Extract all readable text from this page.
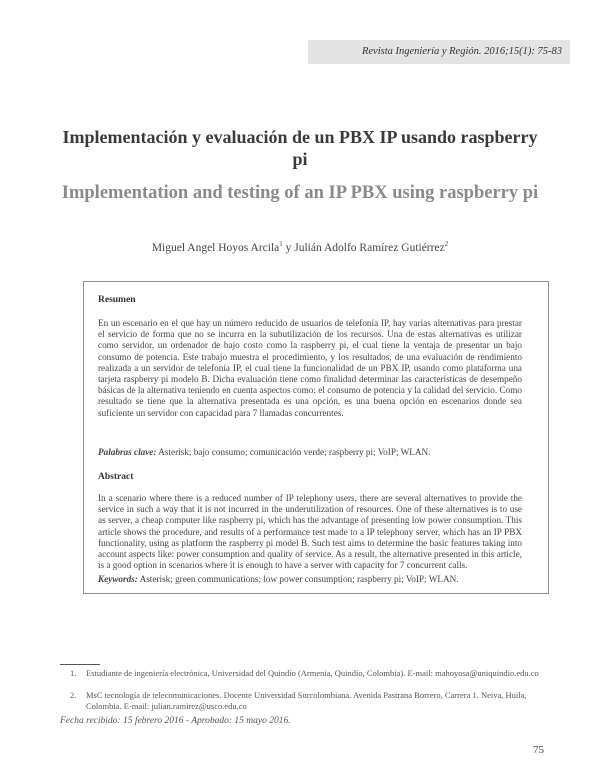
Revista Ingeniería y Región. 2016;15(1): 75-83
Implementación y evaluación de un PBX IP usando raspberry pi
Implementation and testing of an IP PBX using raspberry pi
Miguel Angel Hoyos Arcila$^1$ y Julián Adolfo Ramírez Gutiérrez$^2$
Resumen
En un escenario en el que hay un número reducido de usuarios de telefonía IP, hay varias alternativas para prestar el servicio de forma que no se incurra en la subutilización de los recursos. Una de estas alternativas es utilizar como servidor, un ordenador de bajo costo como la raspberry pi, el cual tiene la ventaja de presentar un bajo consumo de potencia. Este trabajo muestra el procedimiento, y los resultados, de una evaluación de rendimiento realizada a un servidor de telefonía IP, el cual tiene la funcionalidad de un PBX IP, usando como plataforma una tarjeta raspberry pi modelo B. Dicha evaluación tiene como finalidad determinar las características de desempeño básicas de la alternativa teniendo en cuenta aspectos como: el consumo de potencia y la calidad del servicio. Como resultado se tiene que la alternativa presentada es una opción, es una buena opción en escenarios donde sea suficiente un servidor con capacidad para 7 llamadas concurrentes.
Palabras clave: Asterisk; bajo consumo; comunicación verde; raspberry pi; VoIP; WLAN.
Abstract
In a scenario where there is a reduced number of IP telephony users, there are several alternatives to provide the service in such a way that it is not incurred in the underutilization of resources. One of these alternatives is to use as server, a cheap computer like raspberry pi, which has the advantage of presenting low power consumption. This article shows the procedure, and results of a performance test made to a IP telephony server, which has an IP PBX functionality, using as platform the raspberry pi model B. Such test aims to determine the basic features taking into account aspects like: power consumption and quality of service. As a result, the alternative presented in this article, is a good option in scenarios where it is enough to have a server with capacity for 7 concurrent calls.
Keywords: Asterisk; green communications; low power consumption; raspberry pi; VoIP; WLAN.
1.	Estudiante de ingeniería electrónica, Universidad del Quindío (Armenia, Quindío, Colombia). E-mail: mahoyosa@uniquindio.edu.co
2.	MsC tecnología de telecomunicaciones. Docente Universidad Surcolombiana. Avenida Pastrana Borrero, Carrera 1. Neiva, Huila, Colombia. E-mail: julian.ramirez@usco.edu.co
Fecha recibido: 15 febrero 2016 - Aprobado: 15 mayo 2016.
75
